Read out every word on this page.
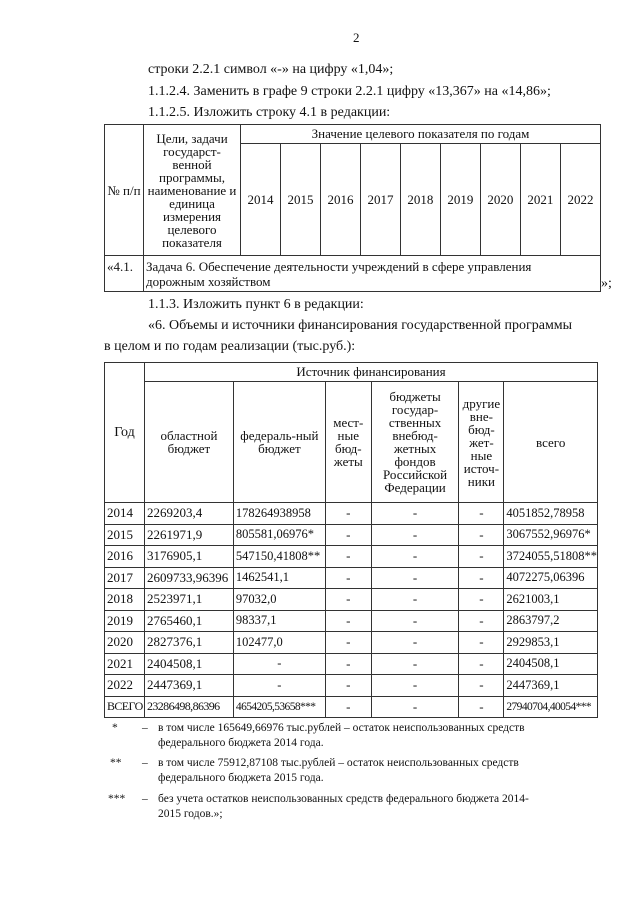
2
строки 2.2.1 символ «-» на цифру «1,04»;
1.1.2.4. Заменить в графе 9 строки 2.2.1 цифру «13,367» на «14,86»;
1.1.2.5. Изложить строку 4.1 в редакции:
№ п/п	Цели, задачи государст-венной программы, наименование и единица измерения целевого показателя	Значение целевого показателя по годам								
		2014	2015	2016	2017	2018	2019	2020	2021	2022
«4.1.	Задача 6. Обеспечение деятельности учреждений в сфере управления
дорожным хозяйством										»;
1.1.3. Изложить пункт 6 в редакции:
«6. Объемы и источники финансирования государственной программы
в целом и по годам реализации (тыс.руб.):
Год	Источник финансирования					
	областной бюджет	федераль-ный бюджет	мест-ные бюд-жеты	бюджеты государ-ственных внебюд-жетных фондов Российской Федерации	другие вне-бюд-жет-ные источ-ники	всего
2014	2269203,4	178264938958	-	-	-	4051852,78958
2015	2261971,9	805581,06976*	-	-	-	3067552,96976*
2016	3176905,1	547150,41808**	-	-	-	3724055,51808**
2017	2609733,96396	1462541,1	-	-	-	4072275,06396
2018	2523971,1	97032,0	-	-	-	2621003,1
2019	2765460,1	98337,1	-	-	-	2863797,2
2020	2827376,1	102477,0	-	-	-	2929853,1
2021	2404508,1	-	-	-	-	2404508,1
2022	2447369,1	-	-	-	-	2447369,1
ВСЕГО	23286498,86396	4654205,53658***	-	-	-	27940704,40054***
* – в том числе 165649,66976 тыс.рублей – остаток неиспользованных средств
федерального бюджета 2014 года.
** – в том числе 75912,87108 тыс.рублей – остаток неиспользованных средств
федерального бюджета 2015 года.
*** – без учета остатков неиспользованных средств федерального бюджета 2014-
2015 годов.»;
